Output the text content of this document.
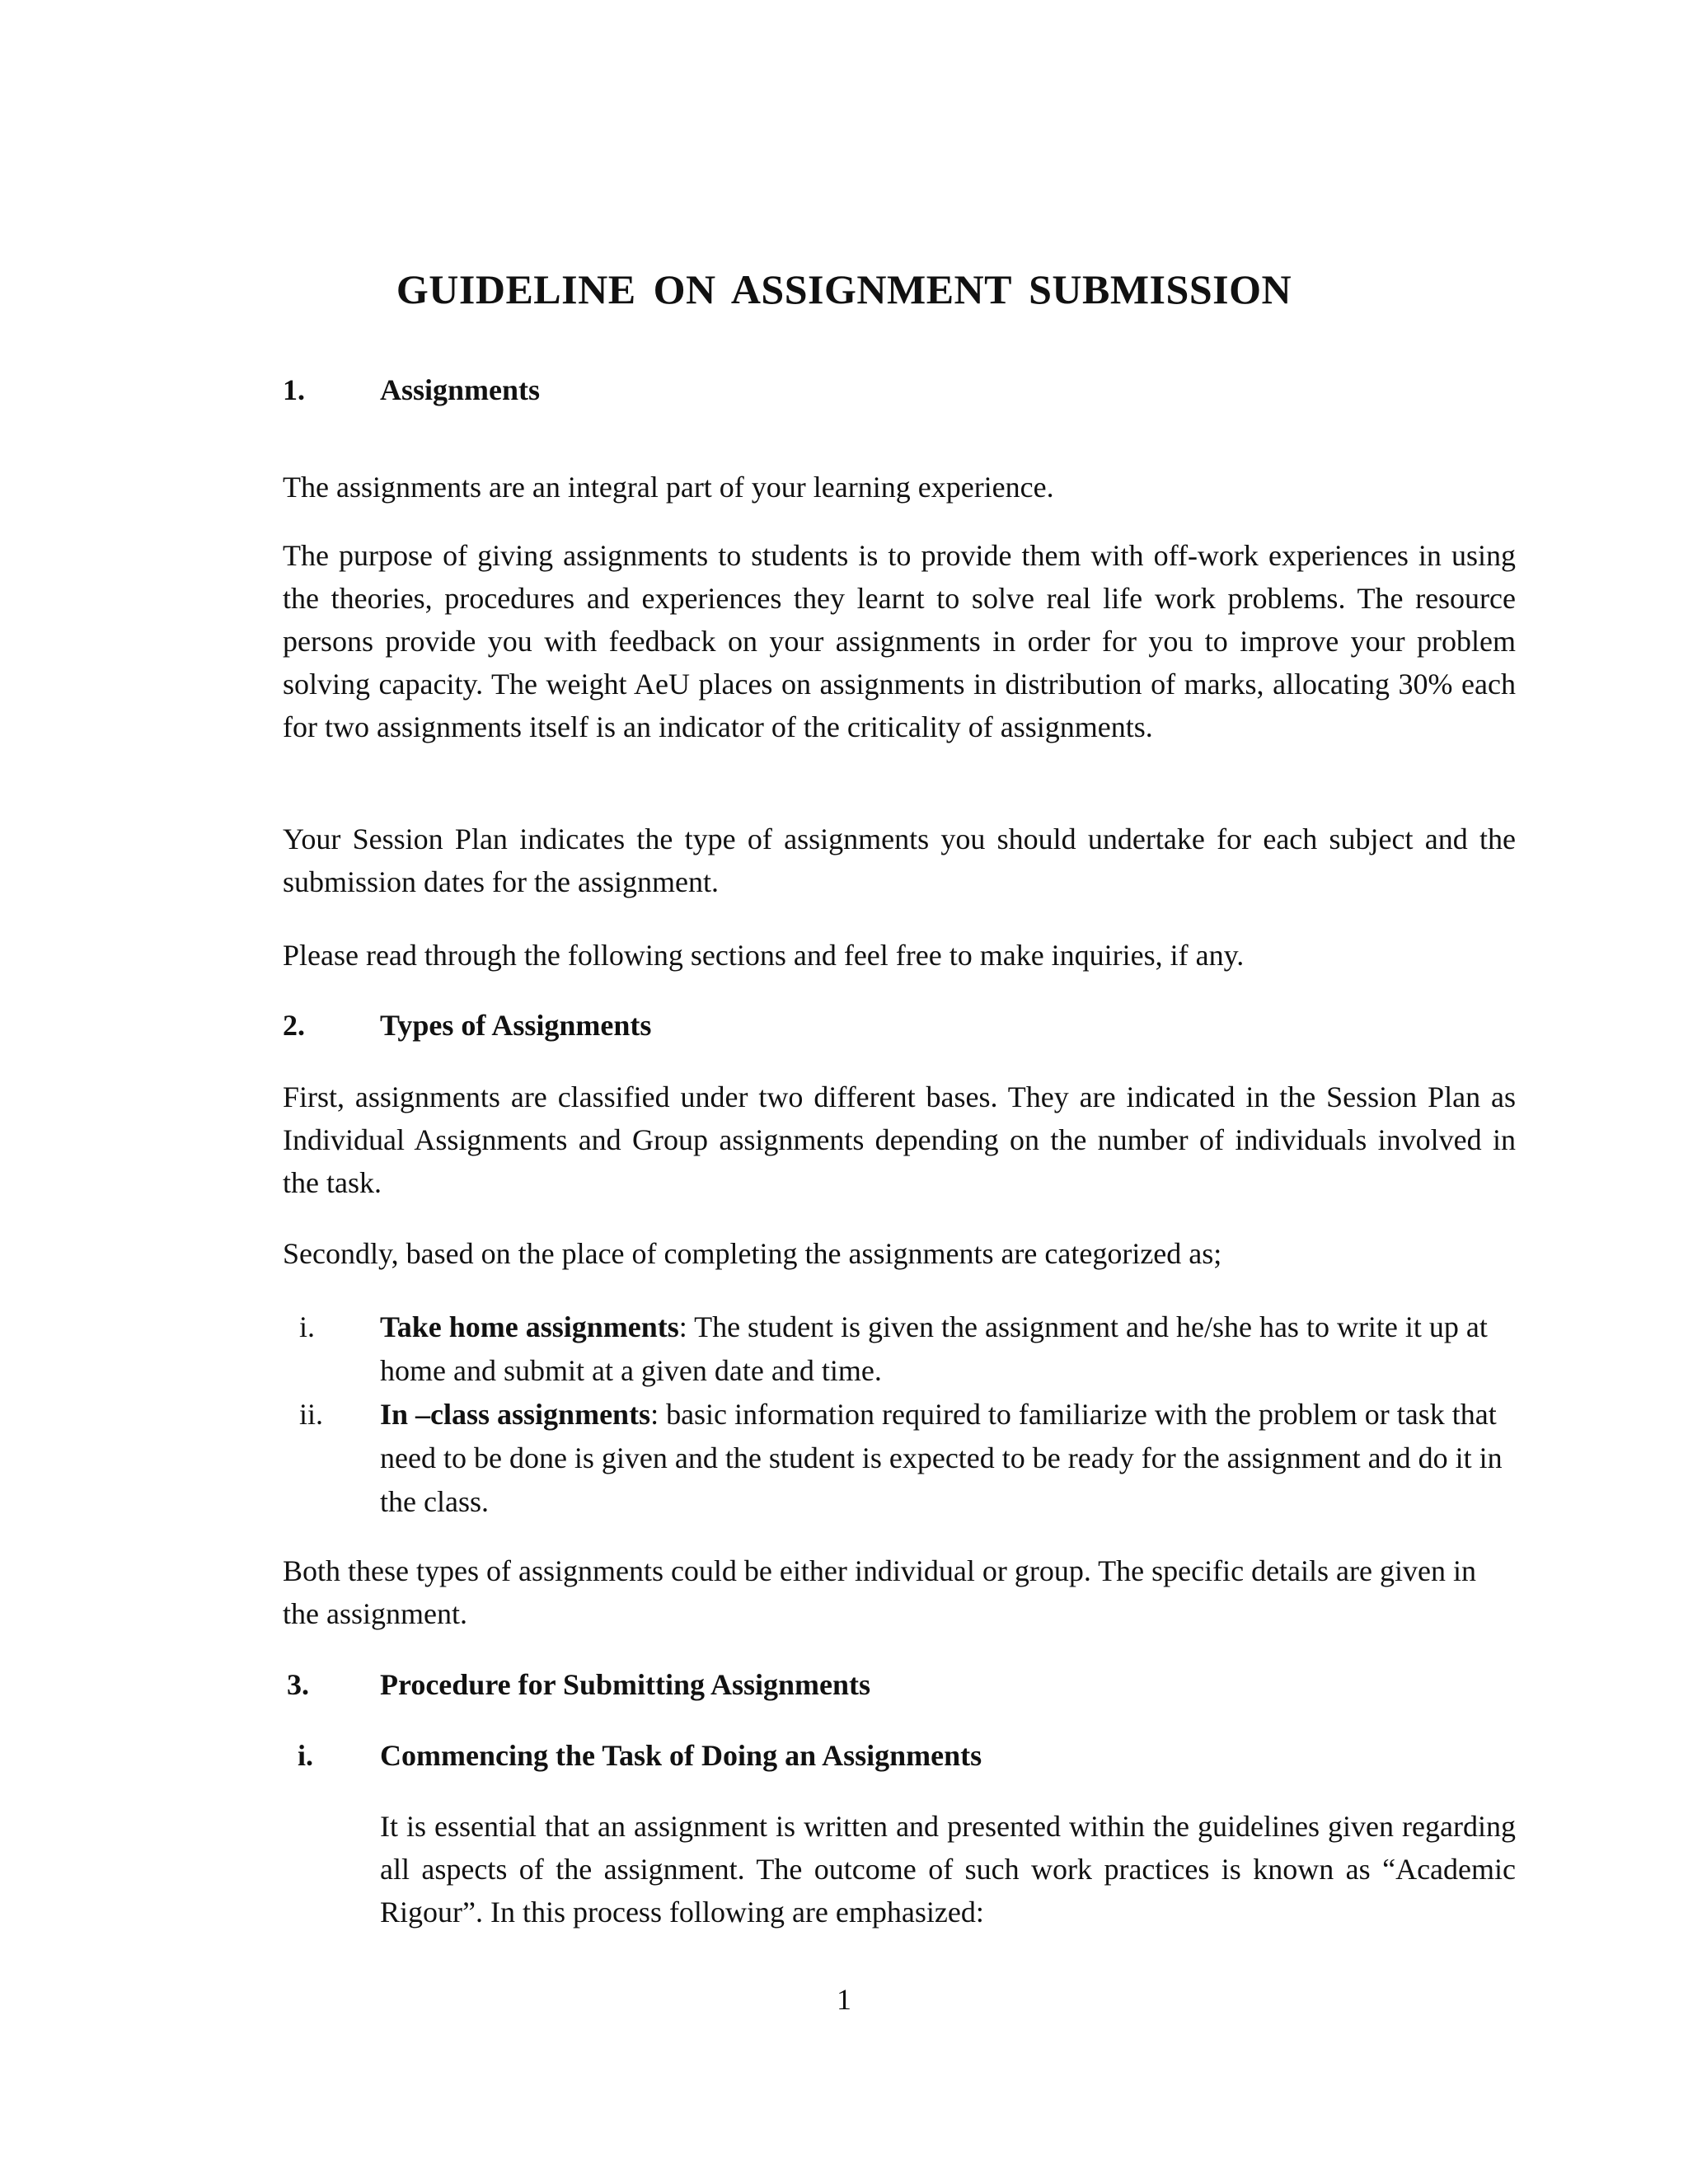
GUIDELINE ON ASSIGNMENT SUBMISSION
1.	Assignments
The assignments are an integral part of your learning experience.
The purpose of giving assignments to students is to provide them with off-work experiences in using the theories, procedures and experiences they learnt to solve real life work problems. The resource persons provide you with feedback on your assignments in order for you to improve your problem solving capacity. The weight AeU places on assignments in distribution of marks, allocating 30% each for two assignments itself is an indicator of the criticality of assignments.
Your Session Plan indicates the type of assignments you should undertake for each subject and the submission dates for the assignment.
Please read through the following sections and feel free to make inquiries, if any.
2.	Types of Assignments
First, assignments are classified under two different bases. They are indicated in the Session Plan as Individual Assignments and Group assignments depending on the number of individuals involved in the task.
Secondly, based on the place of completing the assignments are categorized as;
i.	Take home assignments: The student is given the assignment and he/she has to write it up at home and submit at a given date and time.
ii.	In –class assignments: basic information required to familiarize with the problem or task that need to be done is given and the student is expected to be ready for the assignment and do it in the class.
Both these types of assignments could be either individual or group. The specific details are given in the assignment.
3. Procedure for Submitting Assignments
i. Commencing the Task of Doing an Assignments
It is essential that an assignment is written and presented within the guidelines given regarding all aspects of the assignment. The outcome of such work practices is known as “Academic Rigour”. In this process following are emphasized:
1
